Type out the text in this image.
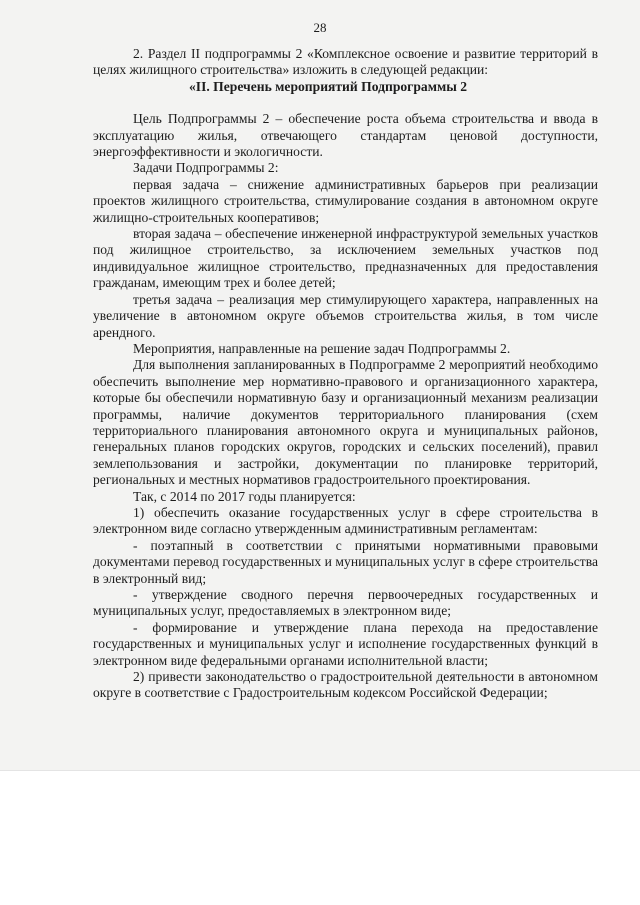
28

2. Раздел II подпрограммы 2 «Комплексное освоение и развитие территорий в целях жилищного строительства» изложить в следующей редакции:

«II. Перечень мероприятий Подпрограммы 2

Цель Подпрограммы 2 – обеспечение роста объема строительства и ввода в эксплуатацию жилья, отвечающего стандартам ценовой доступности, энергоэффективности и экологичности.

Задачи Подпрограммы 2:

первая задача – снижение административных барьеров при реализации проектов жилищного строительства, стимулирование создания в автономном округе жилищно-строительных кооперативов;

вторая задача – обеспечение инженерной инфраструктурой земельных участков под жилищное строительство, за исключением земельных участков под индивидуальное жилищное строительство, предназначенных для предоставления гражданам, имеющим трех и более детей;

третья задача – реализация мер стимулирующего характера, направленных на увеличение в автономном округе объемов строительства жилья, в том числе арендного.

Мероприятия, направленные на решение задач Подпрограммы 2.

Для выполнения запланированных в Подпрограмме 2 мероприятий необходимо обеспечить выполнение мер нормативно-правового и организационного характера, которые бы обеспечили нормативную базу и организационный механизм реализации программы, наличие документов территориального планирования (схем территориального планирования автономного округа и муниципальных районов, генеральных планов городских округов, городских и сельских поселений), правил землепользования и застройки, документации по планировке территорий, региональных и местных нормативов градостроительного проектирования.

Так, с 2014 по 2017 годы планируется:

1) обеспечить оказание государственных услуг в сфере строительства в электронном виде согласно утвержденным административным регламентам:

- поэтапный в соответствии с принятыми нормативными правовыми документами перевод государственных и муниципальных услуг в сфере строительства в электронный вид;

- утверждение сводного перечня первоочередных государственных и муниципальных услуг, предоставляемых в электронном виде;

- формирование и утверждение плана перехода на предоставление государственных и муниципальных услуг и исполнение государственных функций в электронном виде федеральными органами исполнительной власти;

2) привести законодательство о градостроительной деятельности в автономном округе в соответствие с Градостроительным кодексом Российской Федерации;
